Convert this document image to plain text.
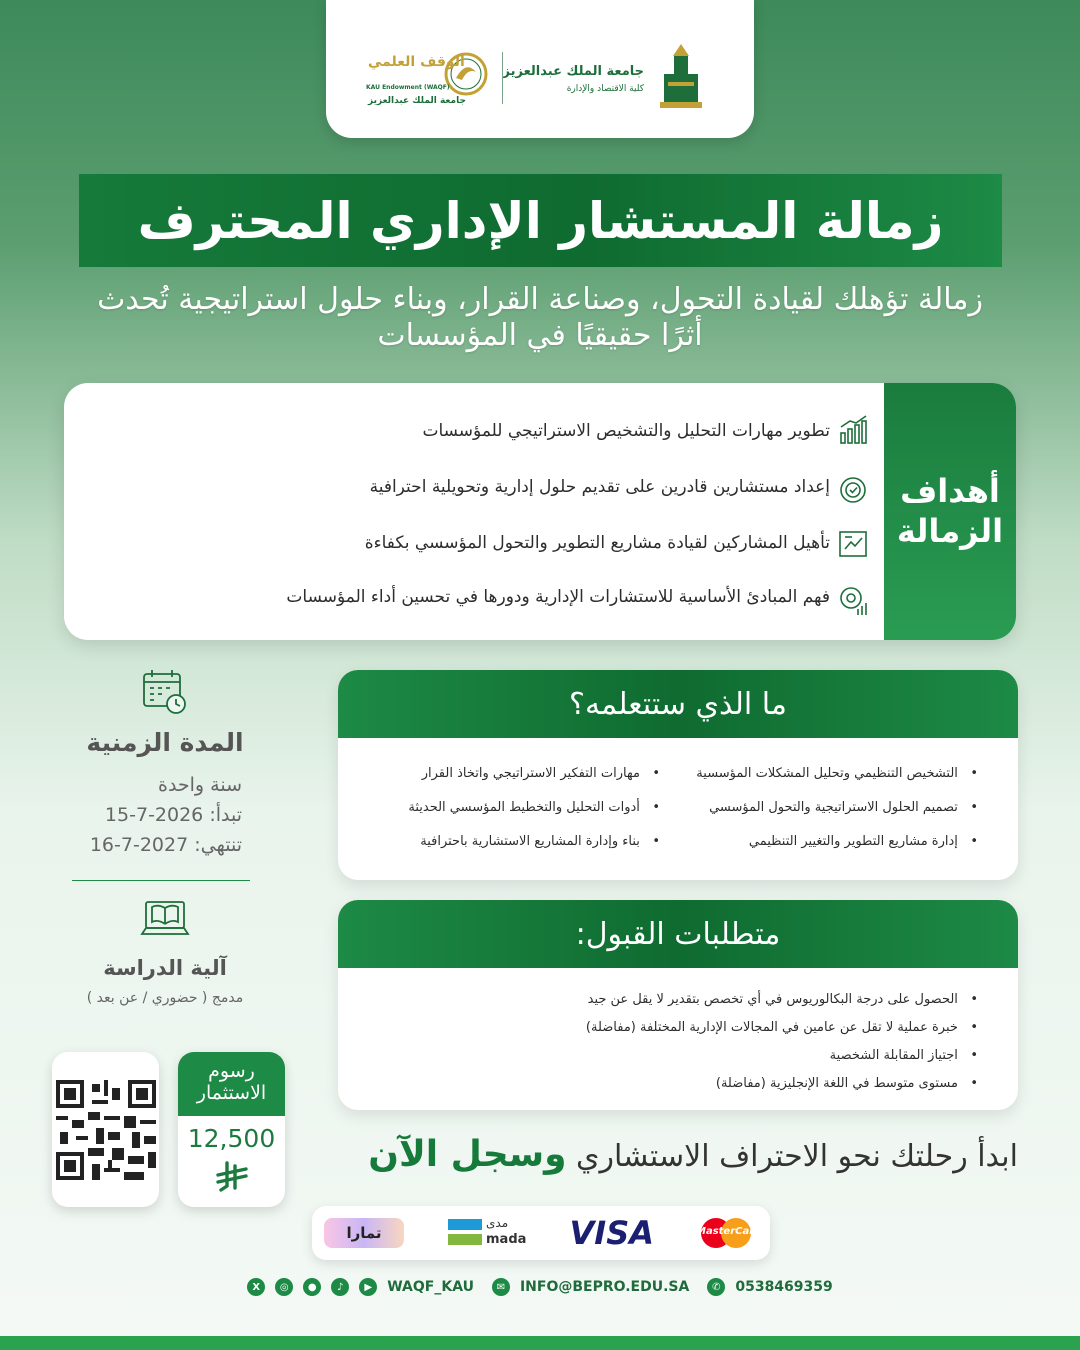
جامعة الملك عبدالعزيز
كلية الاقتصاد والإدارة
الوقف العلمي
KAU Endowment (WAQF)
جامعة الملك عبدالعزيز
زمالة المستشار الإداري المحترف
زمالة تؤهلك لقيادة التحول، وصناعة القرار، وبناء حلول استراتيجية تُحدث أثرًا حقيقيًا في المؤسسات
أهداف الزمالة
تطوير مهارات التحليل والتشخيص الاستراتيجي للمؤسسات
إعداد مستشارين قادرين على تقديم حلول إدارية وتحويلية احترافية
تأهيل المشاركين لقيادة مشاريع التطوير والتحول المؤسسي بكفاءة
فهم المبادئ الأساسية للاستشارات الإدارية ودورها في تحسين أداء المؤسسات
ما الذي ستتعلمه؟
•   التشخيص التنظيمي وتحليل المشكلات المؤسسية
•   تصميم الحلول الاستراتيجية والتحول المؤسسي
•   إدارة مشاريع التطوير والتغيير التنظيمي
•   مهارات التفكير الاستراتيجي واتخاذ القرار
•   أدوات التحليل والتخطيط المؤسسي الحديثة
•   بناء وإدارة المشاريع الاستشارية باحترافية
متطلبات القبول:
•   الحصول على درجة البكالوريوس في أي تخصص بتقدير لا يقل عن جيد
•   خبرة عملية لا تقل عن عامين في المجالات الإدارية المختلفة (مفاضلة)
•   اجتياز المقابلة الشخصية
•   مستوى متوسط في اللغة الإنجليزية (مفاضلة)
المدة الزمنية
سنة واحدة
تبدأ: 2026-7-15
تنتهي: 2027-7-16
آلية الدراسة
مدمج ( حضوري / عن بعد )
رسوم الاستثمار
12,500
ابدأ رحلتك نحو الاحتراف الاستشاري وسجل الآن
MasterCard
VISA
مدى
mada
تمارا
X	◎	●	♪	▶	WAQF_KAU	✉	INFO@BEPRO.EDU.SA	✆	0538469359
